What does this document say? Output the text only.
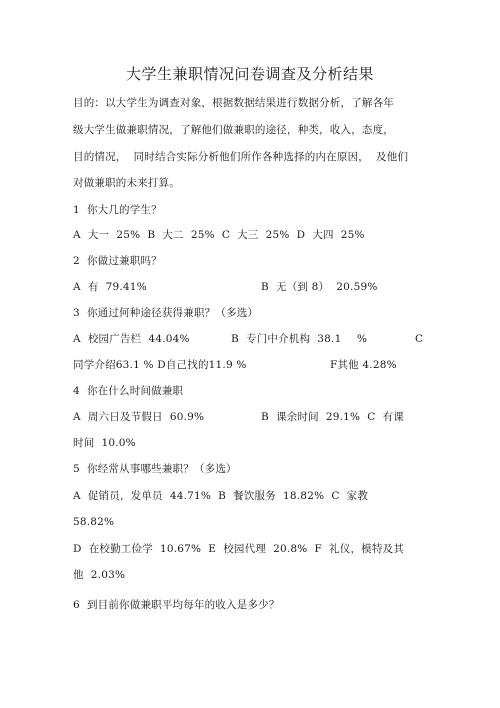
大学生兼职情况问卷调查及分析结果
目的：以大学生为调查对象，根据数据结果进行数据分析，了解各年
级大学生做兼职情况，了解他们做兼职的途径，种类，收入，态度，
目的情况，  同时结合实际分析他们所作各种选择的内在原因，  及他们
对做兼职的未来打算。
1  你大几的学生？
A  大一  25%  B  大二  25%  C  大三  25%  D  大四  25%
2  你做过兼职吗？
A  有  79.41%	B  无（到 8）  20.59%
3  你通过何种途径获得兼职？（多选）
A  校园广告栏  44.04%	B  专门中介机构  38.1 %	C
同学介绍63.1 % D自己找的11.9 %	F其他 4.28%
4  你在什么时间做兼职
A  周六日及节假日  60.9%	B  课余时间  29.1%  C  有课
时间  10.0%
5  你经常从事哪些兼职？（多选）
A  促销员，发单员  44.71%  B  餐饮服务  18.82%  C  家教
58.82%
D  在校勤工俭学  10.67%  E  校园代理  20.8%  F  礼仪，模特及其
他  2.03%
6  到目前你做兼职平均每年的收入是多少？
